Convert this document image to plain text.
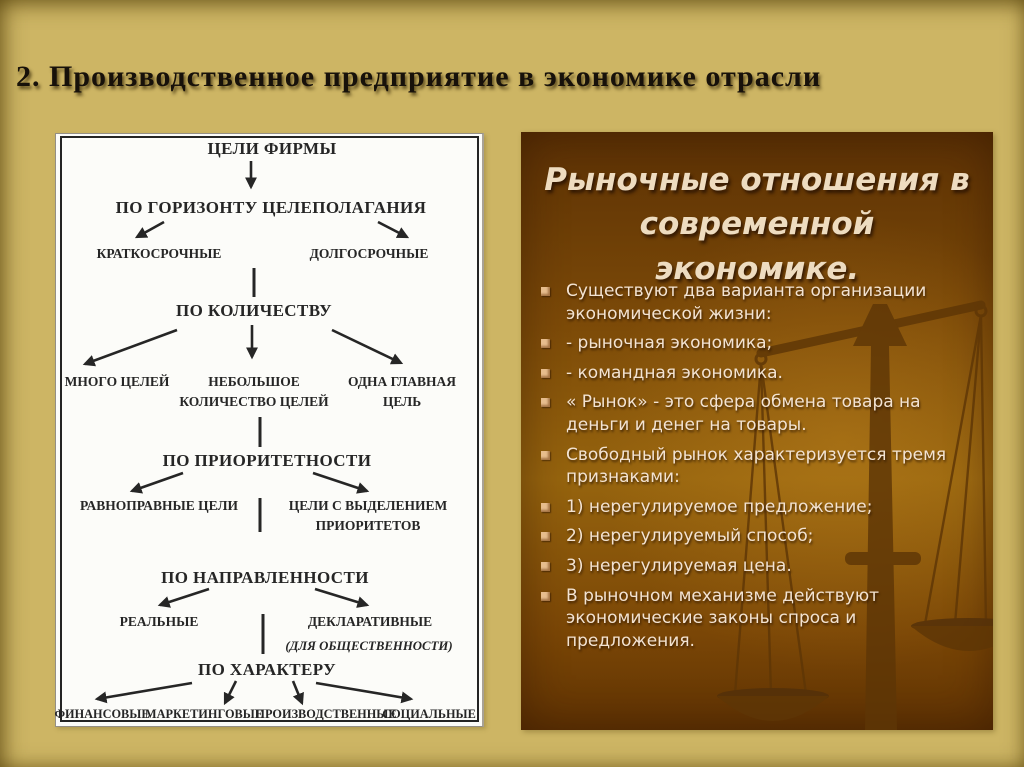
2. Производственное предприятие в экономике отрасли
ЦЕЛИ ФИРМЫ
ПО ГОРИЗОНТУ ЦЕЛЕПОЛАГАНИЯ
КРАТКОСРОЧНЫЕ	ДОЛГОСРОЧНЫЕ
ПО КОЛИЧЕСТВУ
МНОГО ЦЕЛЕЙ	НЕБОЛЬШОЕ КОЛИЧЕСТВО ЦЕЛЕЙ
ОДНА ГЛАВНАЯ ЦЕЛЬ
ПО ПРИОРИТЕТНОСТИ
РАВНОПРАВНЫЕ ЦЕЛИ	ЦЕЛИ С ВЫДЕЛЕНИЕМ ПРИОРИТЕТОВ
ПО НАПРАВЛЕННОСТИ
РЕАЛЬНЫЕ	ДЕКЛАРАТИВНЫЕ
(ДЛЯ ОБЩЕСТВЕННОСТИ)
ПО ХАРАКТЕРУ
ФИНАНСОВЫЕ
МАРКЕТИНГОВЫЕ
ПРОИЗВОДСТВЕННЫЕ
СОЦИАЛЬНЫЕ
Рыночные отношения в современной экономике.
Существуют два варианта организации экономической жизни:
- рыночная экономика;
- командная экономика.
« Рынок» - это сфера обмена товара на деньги и денег на товары.
Свободный рынок характеризуется тремя признаками:
1) нерегулируемое предложение;
2) нерегулируемый способ;
3) нерегулируемая цена.
В рыночном механизме действуют экономические законы спроса и предложения.
